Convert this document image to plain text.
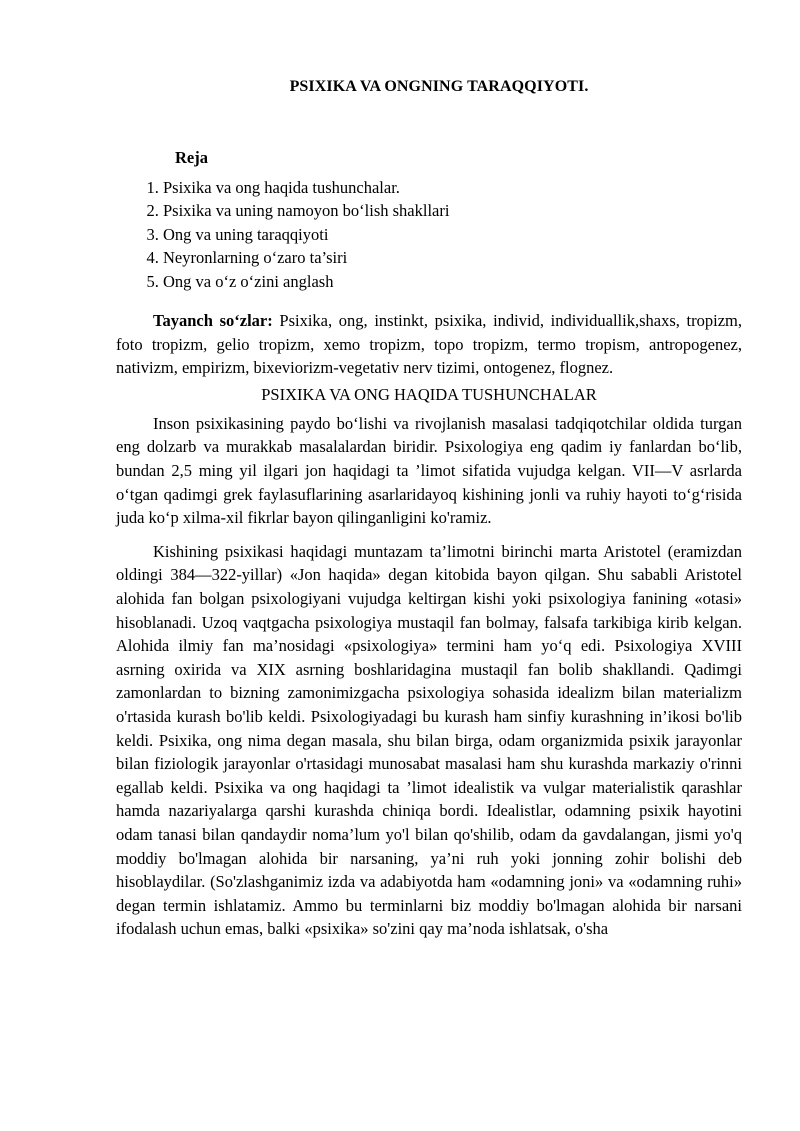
PSIXIKA VA ONGNING TARAQQIYOTI.
Reja
1. Psixika va ong haqida tushunchalar.
2. Psixika va uning namoyon bo‘lish shakllari
3. Ong va uning taraqqiyoti
4. Neyronlarning o‘zaro ta’siri
5. Ong va o‘z o‘zini anglash

Tayanch so‘zlar: Psixika, ong, instinkt, psixika, individ, individuallik,shaxs, tropizm, foto tropizm, gelio tropizm, xemo tropizm, topo tropizm, termo tropism, antropogenez, nativizm, empirizm, bixeviorizm-vegetativ nerv tizimi, ontogenez, flognez.

PSIXIKA VA ONG HAQIDA TUSHUNCHALAR

Inson psixikasining paydo bo‘lishi va rivojlanish masalasi tadqiqotchilar oldida turgan eng dolzarb va murakkab masalalardan biridir. Psixologiya eng qadim iy fanlardan bo‘lib, bundan 2,5 ming yil ilgari jon haqidagi ta ’limot sifatida vujudga kelgan. VII—V asrlarda o‘tgan qadimgi grek faylasuflarining asarlaridayoq kishining jonli va ruhiy hayoti to‘g‘risida juda ko‘p xilma-xil fikrlar bayon qilinganligini ko'ramiz.

Kishining psixikasi haqidagi muntazam ta’limotni birinchi marta Aristotel (eramizdan oldingi 384—322-yillar) «Jon haqida» degan kitobida bayon qilgan. Shu sababli Aristotel alohida fan bolgan psixologiyani vujudga keltirgan kishi yoki psixologiya fanining «otasi» hisoblanadi. Uzoq vaqtgacha psixologiya mustaqil fan bolmay, falsafa tarkibiga kirib kelgan. Alohida ilmiy fan ma’nosidagi «psixologiya» termini ham yo‘q edi. Psixologiya XVIII asrning oxirida va XIX asrning boshlaridagina mustaqil fan bolib shakllandi. Qadimgi zamonlardan to bizning zamonimizgacha psixologiya sohasida idealizm bilan materializm o'rtasida kurash bo'lib keldi. Psixologiyadagi bu kurash ham sinfiy kurashning in’ikosi bo'lib keldi. Psixika, ong nima degan masala, shu bilan birga, odam organizmida psixik jarayonlar bilan fiziologik jarayonlar o'rtasidagi munosabat masalasi ham shu kurashda markaziy o'rinni egallab keldi. Psixika va ong haqidagi ta ’limot idealistik va vulgar materialistik qarashlar hamda nazariyalarga qarshi kurashda chiniqa bordi. Idealistlar, odamning psixik hayotini odam tanasi bilan qandaydir noma’lum yo'l bilan qo'shilib, odam da gavdalangan, jismi yo'q moddiy bo'lmagan alohida bir narsaning, ya’ni ruh yoki jonning zohir bolishi deb hisoblaydilar. (So'zlashganimiz izda va adabiyotda ham «odamning joni» va «odamning ruhi» degan termin ishlatamiz. Ammo bu terminlarni biz moddiy bo'lmagan alohida bir narsani ifodalash uchun emas, balki «psixika» so'zini qay ma’noda ishlatsak, o'sha
